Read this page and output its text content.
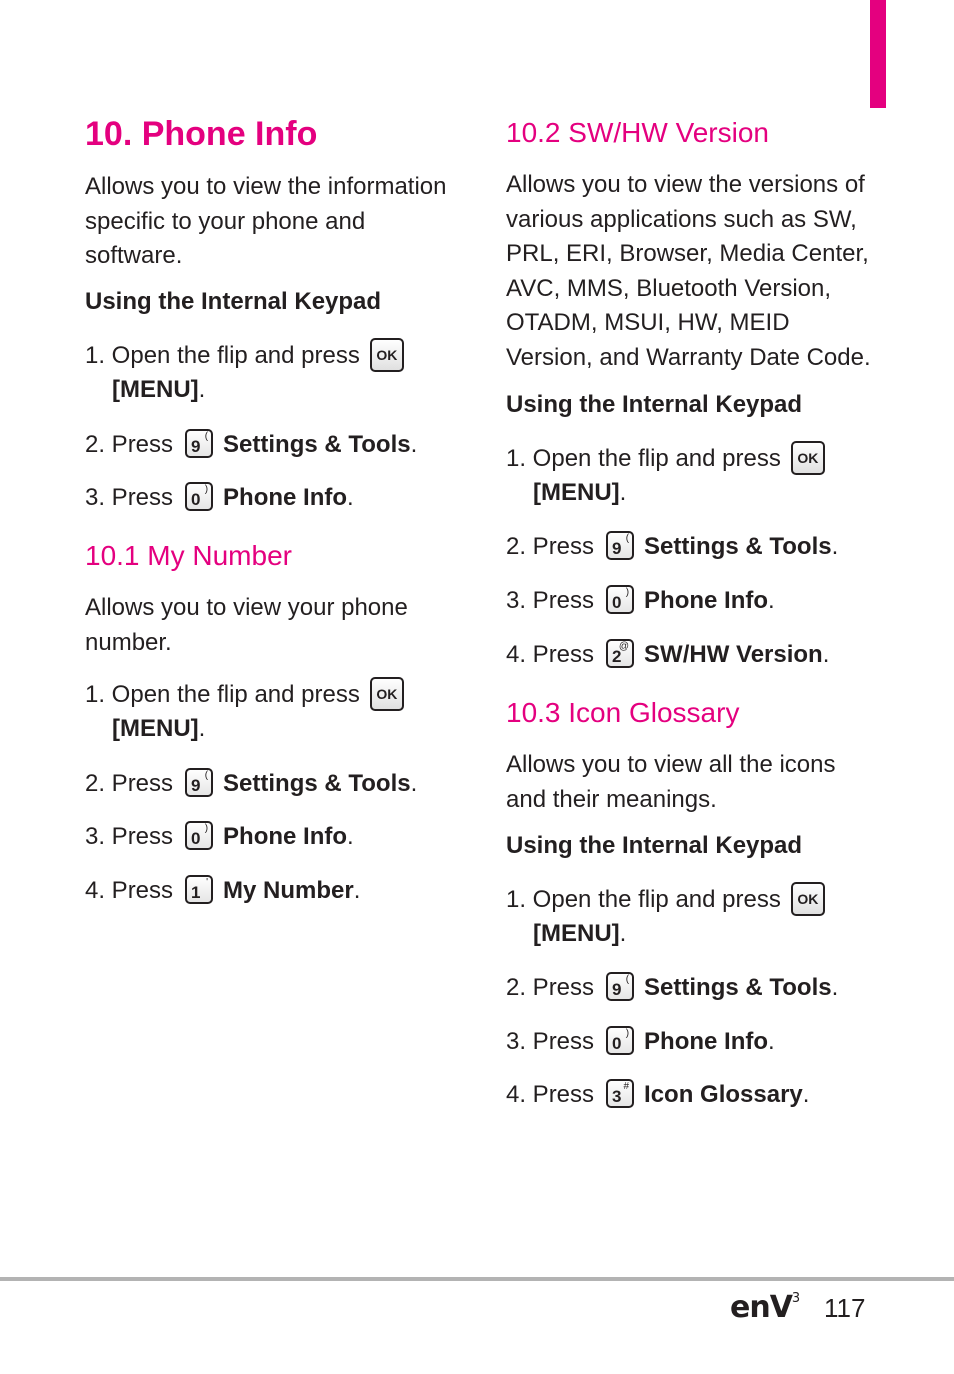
10. Phone Info
Allows you to view the information specific to your phone and software.
Using the Internal Keypad
1. Open the flip and press OK
[MENU].
2. Press 9
( Settings & Tools.
3. Press 0
) Phone Info.
10.1 My Number
Allows you to view your phone number.
1. Open the flip and press OK
[MENU].
2. Press 9
( Settings & Tools.
3. Press 0
) Phone Info.
4. Press 1
' My Number.
10.2 SW/HW Version
Allows you to view the versions of various applications such as SW, PRL, ERI, Browser, Media Center, AVC, MMS, Bluetooth Version, OTADM, MSUI, HW, MEID Version, and Warranty Date Code.
Using the Internal Keypad
1. Open the flip and press OK
[MENU].
2. Press 9
( Settings & Tools.
3. Press 0
) Phone Info.
4. Press 2
@ SW/HW Version.
10.3 Icon Glossary
Allows you to view all the icons and their meanings.
Using the Internal Keypad
1. Open the flip and press OK
[MENU].
2. Press 9
( Settings & Tools.
3. Press 0
) Phone Info.
4. Press 3
# Icon Glossary.
enV$^3$ 117
